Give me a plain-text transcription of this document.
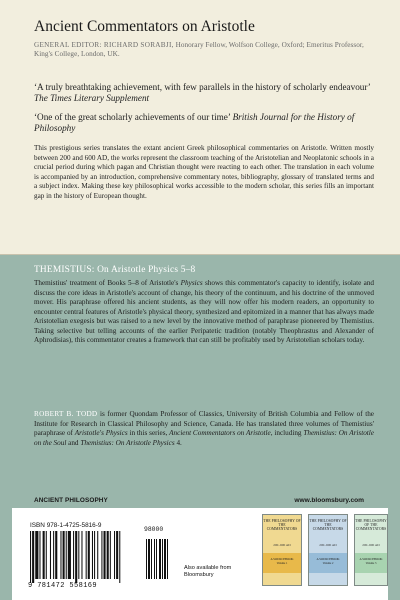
Ancient Commentators on Aristotle
GENERAL EDITOR: RICHARD SORABJI, Honorary Fellow, Wolfson College, Oxford; Emeritus Professor, King's College, London, UK.
‘A truly breathtaking achievement, with few parallels in the history of scholarly endeavour’ The Times Literary Supplement
‘One of the great scholarly achievements of our time’ British Journal for the History of Philosophy
This prestigious series translates the extant ancient Greek philosophical commentaries on Aristotle. Written mostly between 200 and 600 AD, the works represent the classroom teaching of the Aristotelian and Neoplatonic schools in a crucial period during which pagan and Christian thought were reacting to each other. The translation in each volume is accompanied by an introduction, comprehensive commentary notes, bibliography, glossary of translated terms and a subject index. Making these key philosophical works accessible to the modern scholar, this series fills an important gap in the history of European thought.
THEMISTIUS: On Aristotle Physics 5–8
Themistius' treatment of Books 5–8 of Aristotle's Physics shows this commentator's capacity to identify, isolate and discuss the core ideas in Aristotle's account of change, his theory of the continuum, and his doctrine of the unmoved mover. His paraphrase offered his ancient students, as they will now offer his modern readers, an opportunity to encounter central features of Aristotle's physical theory, synthesized and epitomized in a manner that has always made Aristotelian exegesis but was raised to a new level by the innovative method of paraphrase pioneered by Themistius. Taking selective but telling accounts of the earlier Peripatetic tradition (notably Theophrastus and Alexander of Aphrodisias), this commentator creates a framework that can still be profitably used by Aristotelian scholars today.
ROBERT B. TODD is former Quondam Professor of Classics, University of British Columbia and Fellow of the Institute for Research in Classical Philosophy and Science, Canada. He has translated three volumes of Themistius' paraphrase of Aristotle's Physics in this series, Ancient Commentators on Aristotle, including Themistius: On Aristotle on the Soul and Themistius: On Aristotle Physics 4.
ANCIENT PHILOSOPHY	www.bloomsbury.com
ISBN 978-1-4725-5816-9
9 781472 558169
98000
Also available from Bloomsbury
THE PHILOSOPHY OF THE COMMENTATORS
200–600 AD
A SOURCEBOOK
Volume 1
THE PHILOSOPHY OF THE COMMENTATORS
200–600 AD
A SOURCEBOOK
Volume 2
THE PHILOSOPHY OF THE COMMENTATORS
200–600 AD
A SOURCEBOOK
Volume 3
